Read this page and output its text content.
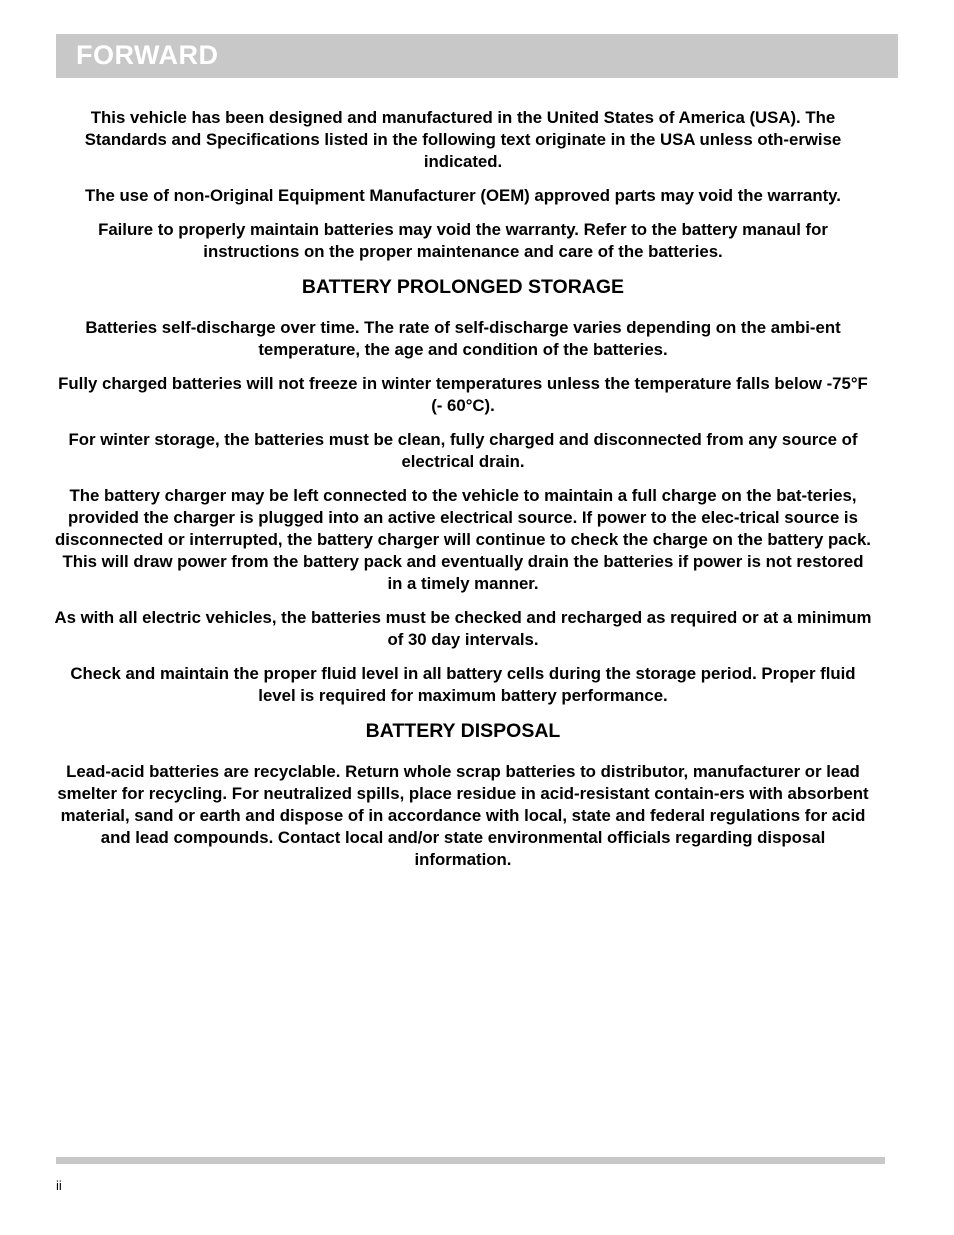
FORWARD

This vehicle has been designed and manufactured in the United States of America (USA). The Standards and Specifications listed in the following text originate in the USA unless oth-erwise indicated.

The use of non-Original Equipment Manufacturer (OEM) approved parts may void the warranty.

Failure to properly maintain batteries may void the warranty. Refer to the battery manaul for instructions on the proper maintenance and care of the batteries.

BATTERY PROLONGED STORAGE

Batteries self-discharge over time. The rate of self-discharge varies depending on the ambi-ent temperature, the age and condition of the batteries.

Fully charged batteries will not freeze in winter temperatures unless the temperature falls below -75°F (- 60°C).

For winter storage, the batteries must be clean, fully charged and disconnected from any source of electrical drain.

The battery charger may be left connected to the vehicle to maintain a full charge on the bat-teries, provided the charger is plugged into an active electrical source. If power to the elec-trical source is disconnected or interrupted, the battery charger will continue to check the charge on the battery pack. This will draw power from the battery pack and eventually drain the batteries if power is not restored in a timely manner.

As with all electric vehicles, the batteries must be checked and recharged as required or at a minimum of 30 day intervals.

Check and maintain the proper fluid level in all battery cells during the storage period. Proper fluid level is required for maximum battery performance.

BATTERY DISPOSAL

Lead-acid batteries are recyclable. Return whole scrap batteries to distributor, manufacturer or lead smelter for recycling. For neutralized spills, place residue in acid-resistant contain-ers with absorbent material, sand or earth and dispose of in accordance with local, state and federal regulations for acid and lead compounds. Contact local and/or state environmental officials regarding disposal information.

ii
